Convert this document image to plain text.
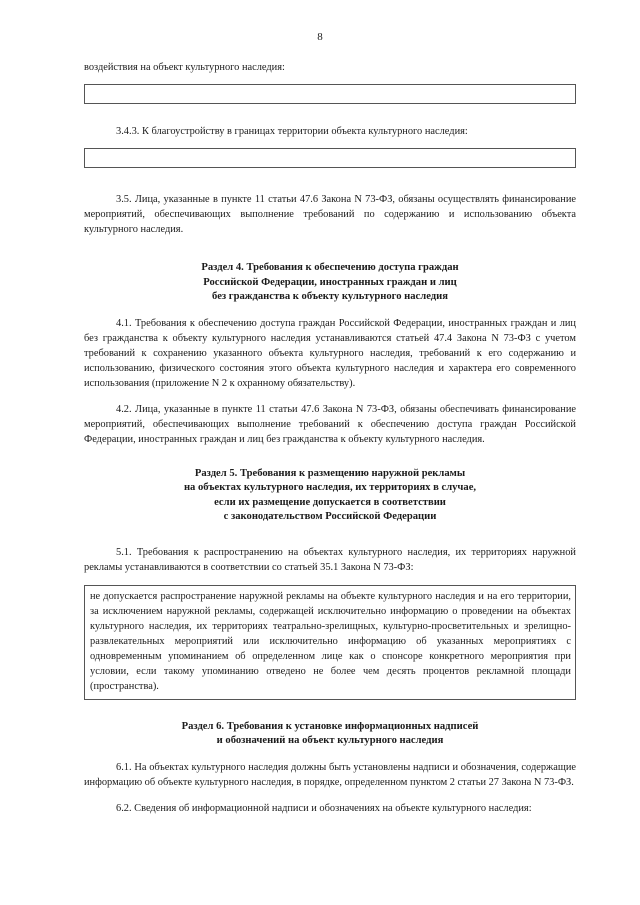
8

воздействия на объект культурного наследия:

3.4.3. К благоустройству в границах территории объекта культурного наследия:

3.5. Лица, указанные в пункте 11 статьи 47.6 Закона N 73-ФЗ, обязаны осуществлять финансирование мероприятий, обеспечивающих выполнение требований по содержанию и использованию объекта культурного наследия.

Раздел 4. Требования к обеспечению доступа граждан
Российской Федерации, иностранных граждан и лиц
без гражданства к объекту культурного наследия

4.1. Требования к обеспечению доступа граждан Российской Федерации, иностранных граждан и лиц без гражданства к объекту культурного наследия устанавливаются статьей 47.4 Закона N 73-ФЗ с учетом требований к сохранению указанного объекта культурного наследия, требований к его содержанию и использованию, физического состояния этого объекта культурного наследия и характера его современного использования (приложение N 2 к охранному обязательству).

4.2. Лица, указанные в пункте 11 статьи 47.6 Закона N 73-ФЗ, обязаны обеспечивать финансирование мероприятий, обеспечивающих выполнение требований к обеспечению доступа граждан Российской Федерации, иностранных граждан и лиц без гражданства к объекту культурного наследия.

Раздел 5. Требования к размещению наружной рекламы
на объектах культурного наследия, их территориях в случае,
если их размещение допускается в соответствии
с законодательством Российской Федерации

5.1. Требования к распространению на объектах культурного наследия, их территориях наружной рекламы устанавливаются в соответствии со статьей 35.1 Закона N 73-ФЗ:

не допускается распространение наружной рекламы на объекте культурного наследия и на его территории, за исключением наружной рекламы, содержащей исключительно информацию о проведении на объектах культурного наследия, их территориях театрально-зрелищных, культурно-просветительных и зрелищно-развлекательных мероприятий или исключительно информацию об указанных мероприятиях с одновременным упоминанием об определенном лице как о спонсоре конкретного мероприятия при условии, если такому упоминанию отведено не более чем десять процентов рекламной площади (пространства).
Раздел 6. Требования к установке информационных надписей
и обозначений на объект культурного наследия

6.1. На объектах культурного наследия должны быть установлены надписи и обозначения, содержащие информацию об объекте культурного наследия, в порядке, определенном пунктом 2 статьи 27 Закона N 73-ФЗ.

6.2. Сведения об информационной надписи и обозначениях на объекте культурного наследия:
